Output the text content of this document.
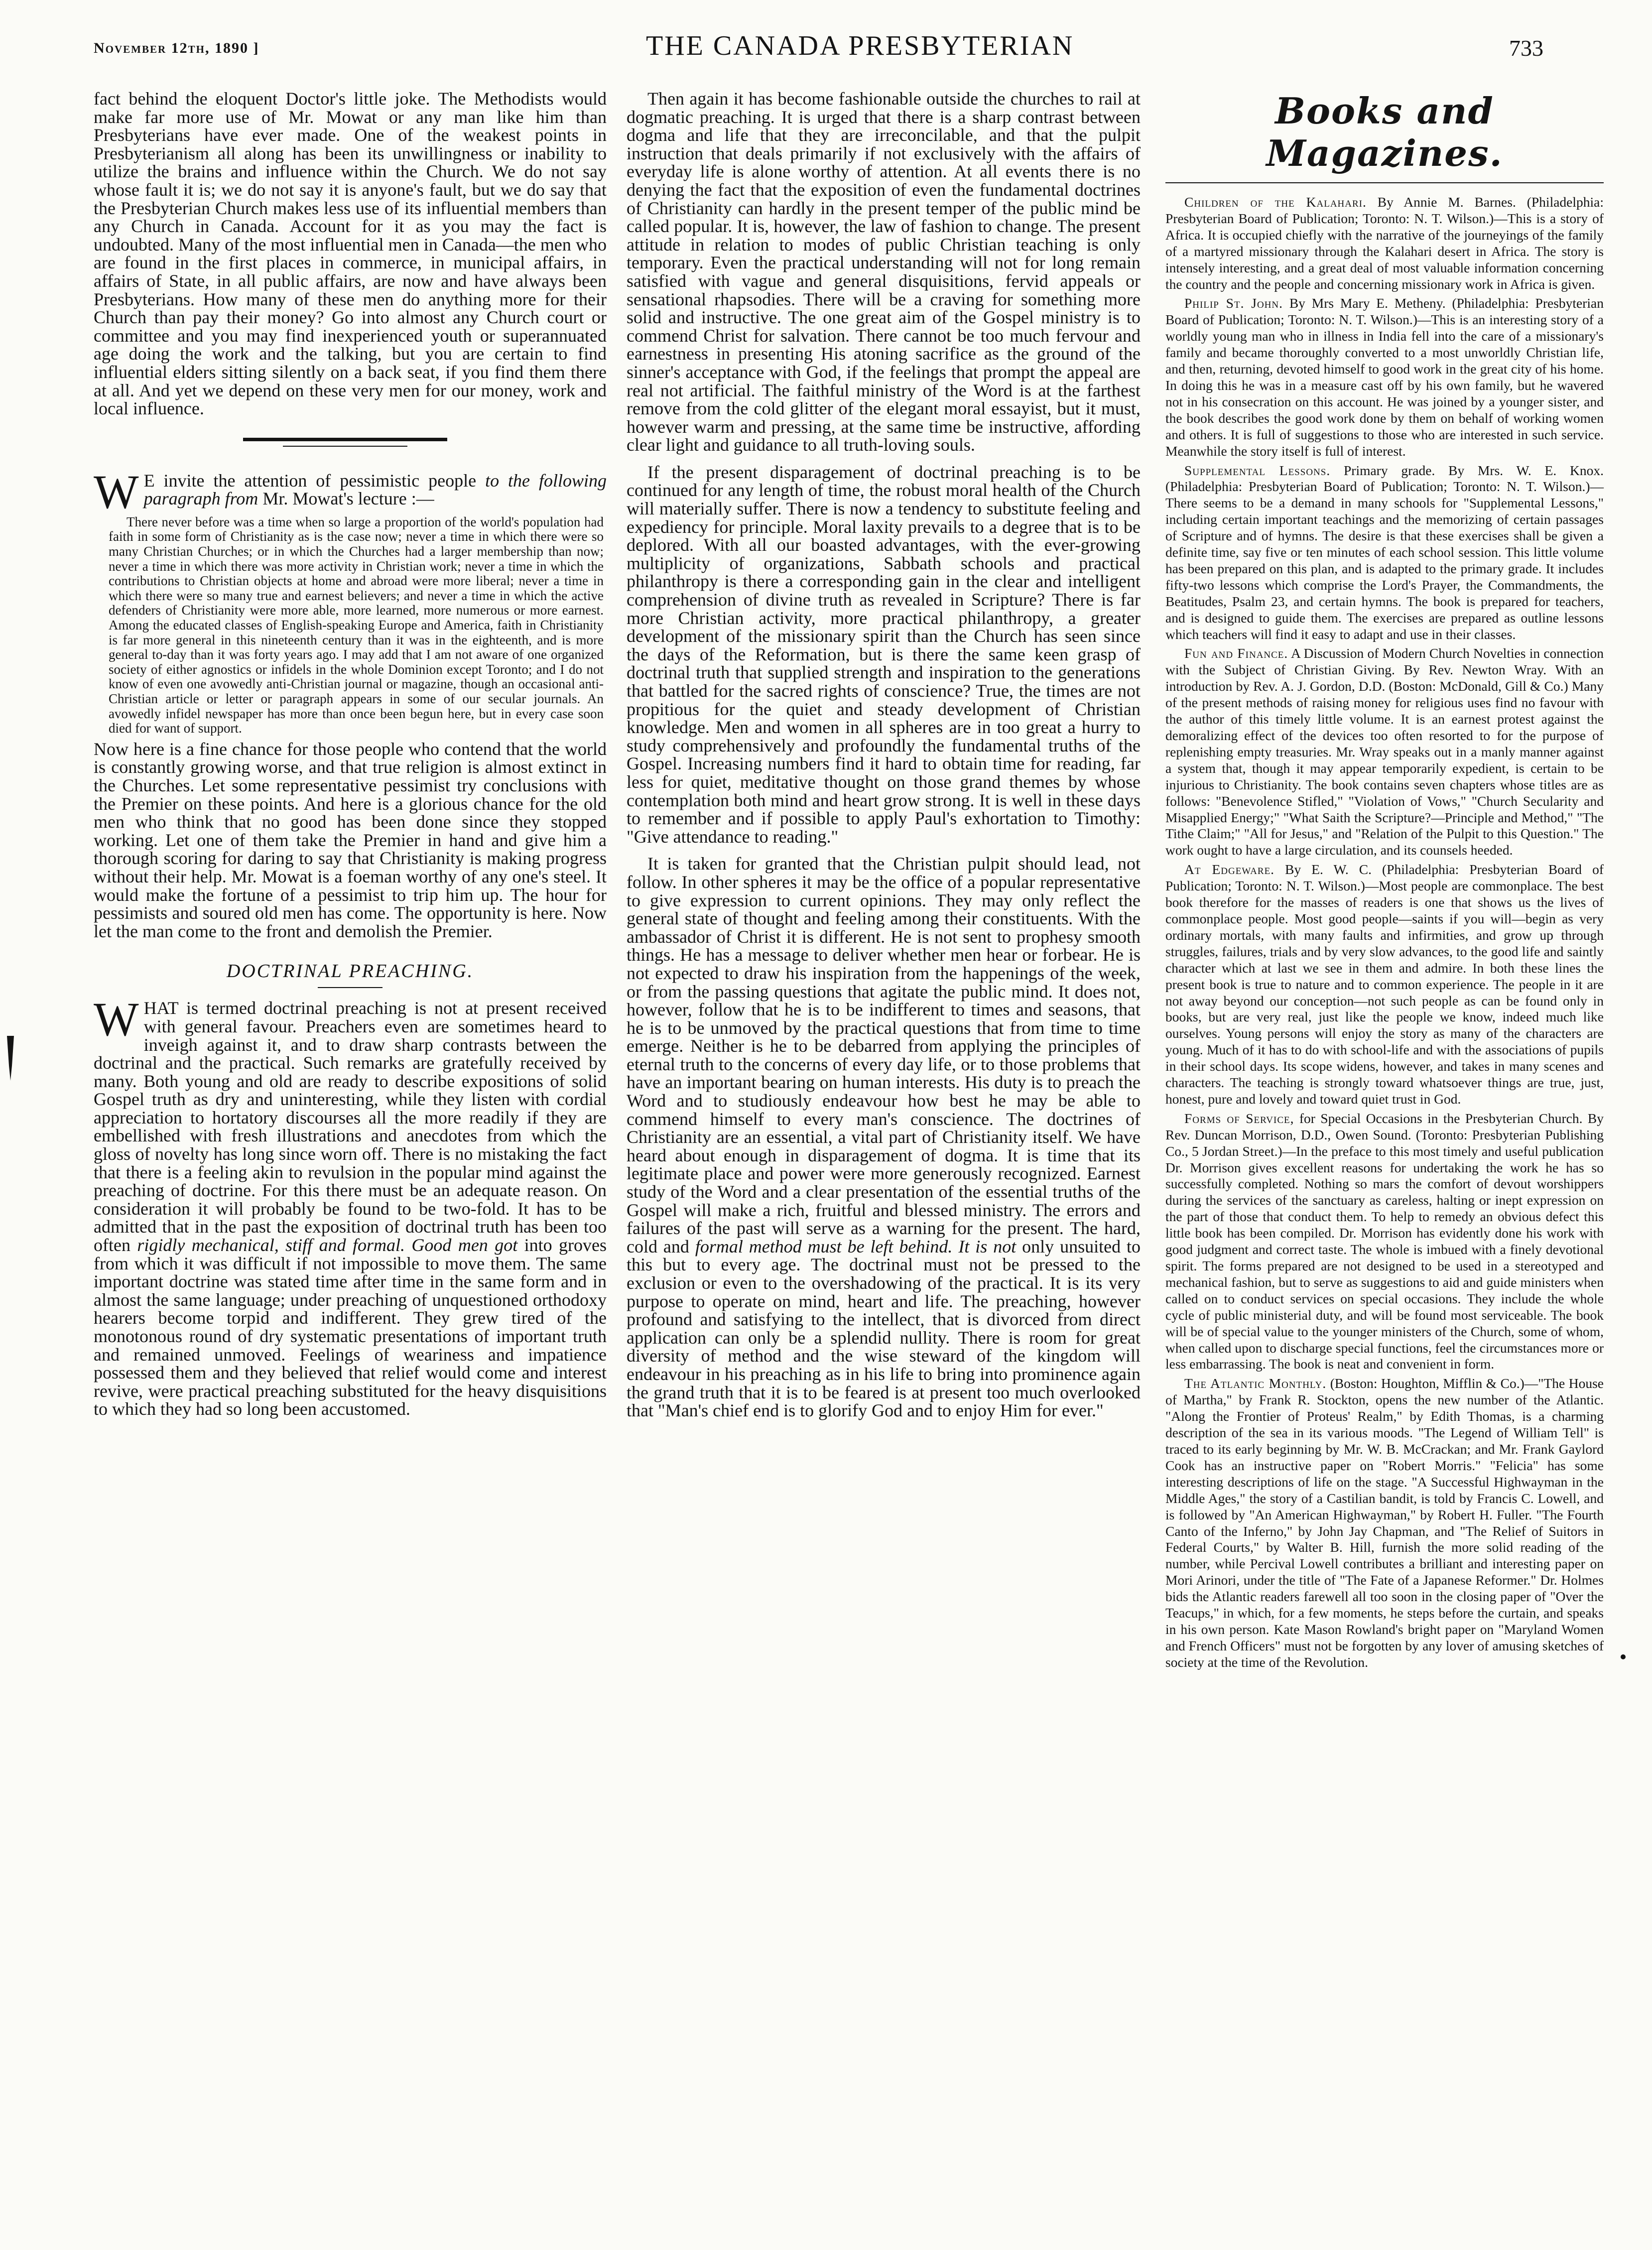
November 12th, 1890 ]	THE CANADA PRESBYTERIAN	733

fact behind the eloquent Doctor's little joke. The Methodists would make far more use of Mr. Mowat or any man like him than Presbyterians have ever made. One of the weakest points in Presbyterianism all along has been its unwillingness or inability to utilize the brains and influence within the Church. We do not say whose fault it is; we do not say it is anyone's fault, but we do say that the Presbyterian Church makes less use of its influential members than any Church in Canada. Account for it as you may the fact is undoubted. Many of the most influential men in Canada—the men who are found in the first places in commerce, in municipal affairs, in affairs of State, in all public affairs, are now and have always been Presbyterians. How many of these men do anything more for their Church than pay their money? Go into almost any Church court or committee and you may find inexperienced youth or superannuated age doing the work and the talking, but you are certain to find influential elders sitting silently on a back seat, if you find them there at all. And yet we depend on these very men for our money, work and local influence.

W E invite the attention of pessimistic people to the following paragraph from Mr. Mowat's lecture :—

There never before was a time when so large a proportion of the world's population had faith in some form of Christianity as is the case now; never a time in which there were so many Christian Churches; or in which the Churches had a larger membership than now; never a time in which there was more activity in Christian work; never a time in which the contributions to Christian objects at home and abroad were more liberal; never a time in which there were so many true and earnest believers; and never a time in which the active defenders of Christianity were more able, more learned, more numerous or more earnest. Among the educated classes of English-speaking Europe and America, faith in Christianity is far more general in this nineteenth century than it was in the eighteenth, and is more general to-day than it was forty years ago. I may add that I am not aware of one organized society of either agnostics or infidels in the whole Dominion except Toronto; and I do not know of even one avowedly anti-Christian journal or magazine, though an occasional anti-Christian article or letter or paragraph appears in some of our secular journals. An avowedly infidel newspaper has more than once been begun here, but in every case soon died for want of support.

Now here is a fine chance for those people who contend that the world is constantly growing worse, and that true religion is almost extinct in the Churches. Let some representative pessimist try conclusions with the Premier on these points. And here is a glorious chance for the old men who think that no good has been done since they stopped working. Let one of them take the Premier in hand and give him a thorough scoring for daring to say that Christianity is making progress without their help. Mr. Mowat is a foeman worthy of any one's steel. It would make the fortune of a pessimist to trip him up. The hour for pessimists and soured old men has come. The opportunity is here. Now let the man come to the front and demolish the Premier.

DOCTRINAL PREACHING.

WHAT is termed doctrinal preaching is not at present received with general favour. Preachers even are sometimes heard to inveigh against it, and to draw sharp contrasts between the doctrinal and the practical. Such remarks are gratefully received by many. Both young and old are ready to describe expositions of solid Gospel truth as dry and uninteresting, while they listen with cordial appreciation to hortatory discourses all the more readily if they are embellished with fresh illustrations and anecdotes from which the gloss of novelty has long since worn off. There is no mistaking the fact that there is a feeling akin to revulsion in the popular mind against the preaching of doctrine. For this there must be an adequate reason. On consideration it will probably be found to be two-fold. It has to be admitted that in the past the exposition of doctrinal truth has been too often rigidly mechanical, stiff and formal. Good men got into groves from which it was difficult if not impossible to move them. The same important doctrine was stated time after time in the same form and in almost the same language; under preaching of unquestioned orthodoxy hearers become torpid and indifferent. They grew tired of the monotonous round of dry systematic presentations of important truth and remained unmoved. Feelings of weariness and impatience possessed them and they believed that relief would come and interest revive, were practical preaching substituted for the heavy disquisitions to which they had so long been accustomed.

Then again it has become fashionable outside the churches to rail at dogmatic preaching. It is urged that there is a sharp contrast between dogma and life that they are irreconcilable, and that the pulpit instruction that deals primarily if not exclusively with the affairs of everyday life is alone worthy of attention. At all events there is no denying the fact that the exposition of even the fundamental doctrines of Christianity can hardly in the present temper of the public mind be called popular. It is, however, the law of fashion to change. The present attitude in relation to modes of public Christian teaching is only temporary. Even the practical understanding will not for long remain satisfied with vague and general disquisitions, fervid appeals or sensational rhapsodies. There will be a craving for something more solid and instructive. The one great aim of the Gospel ministry is to commend Christ for salvation. There cannot be too much fervour and earnestness in presenting His atoning sacrifice as the ground of the sinner's acceptance with God, if the feelings that prompt the appeal are real not artificial. The faithful ministry of the Word is at the farthest remove from the cold glitter of the elegant moral essayist, but it must, however warm and pressing, at the same time be instructive, affording clear light and guidance to all truth-loving souls.

If the present disparagement of doctrinal preaching is to be continued for any length of time, the robust moral health of the Church will materially suffer. There is now a tendency to substitute feeling and expediency for principle. Moral laxity prevails to a degree that is to be deplored. With all our boasted advantages, with the ever-growing multiplicity of organizations, Sabbath schools and practical philanthropy is there a corresponding gain in the clear and intelligent comprehension of divine truth as revealed in Scripture? There is far more Christian activity, more practical philanthropy, a greater development of the missionary spirit than the Church has seen since the days of the Reformation, but is there the same keen grasp of doctrinal truth that supplied strength and inspiration to the generations that battled for the sacred rights of conscience? True, the times are not propitious for the quiet and steady development of Christian knowledge. Men and women in all spheres are in too great a hurry to study comprehensively and profoundly the fundamental truths of the Gospel. Increasing numbers find it hard to obtain time for reading, far less for quiet, meditative thought on those grand themes by whose contemplation both mind and heart grow strong. It is well in these days to remember and if possible to apply Paul's exhortation to Timothy: "Give attendance to reading."

It is taken for granted that the Christian pulpit should lead, not follow. In other spheres it may be the office of a popular representative to give expression to current opinions. They may only reflect the general state of thought and feeling among their constituents. With the ambassador of Christ it is different. He is not sent to prophesy smooth things. He has a message to deliver whether men hear or forbear. He is not expected to draw his inspiration from the happenings of the week, or from the passing questions that agitate the public mind. It does not, however, follow that he is to be indifferent to times and seasons, that he is to be unmoved by the practical questions that from time to time emerge. Neither is he to be debarred from applying the principles of eternal truth to the concerns of every day life, or to those problems that have an important bearing on human interests. His duty is to preach the Word and to studiously endeavour how best he may be able to commend himself to every man's conscience. The doctrines of Christianity are an essential, a vital part of Christianity itself. We have heard about enough in disparagement of dogma. It is time that its legitimate place and power were more generously recognized. Earnest study of the Word and a clear presentation of the essential truths of the Gospel will make a rich, fruitful and blessed ministry. The errors and failures of the past will serve as a warning for the present. The hard, cold and formal method must be left behind. It is not only unsuited to this but to every age. The doctrinal must not be pressed to the exclusion or even to the overshadowing of the practical. It is its very purpose to operate on mind, heart and life. The preaching, however profound and satisfying to the intellect, that is divorced from direct application can only be a splendid nullity. There is room for great diversity of method and the wise steward of the kingdom will endeavour in his preaching as in his life to bring into prominence again the grand truth that it is to be feared is at present too much overlooked that "Man's chief end is to glorify God and to enjoy Him for ever."

Books and Magazines.

Children of the Kalahari. By Annie M. Barnes. (Philadelphia: Presbyterian Board of Publication; Toronto: N. T. Wilson.)—This is a story of Africa. It is occupied chiefly with the narrative of the journeyings of the family of a martyred missionary through the Kalahari desert in Africa. The story is intensely interesting, and a great deal of most valuable information concerning the country and the people and concerning missionary work in Africa is given.

Philip St. John. By Mrs Mary E. Metheny. (Philadelphia: Presbyterian Board of Publication; Toronto: N. T. Wilson.)—This is an interesting story of a worldly young man who in illness in India fell into the care of a missionary's family and became thoroughly converted to a most unworldly Christian life, and then, returning, devoted himself to good work in the great city of his home. In doing this he was in a measure cast off by his own family, but he wavered not in his consecration on this account. He was joined by a younger sister, and the book describes the good work done by them on behalf of working women and others. It is full of suggestions to those who are interested in such service. Meanwhile the story itself is full of interest.

Supplemental Lessons. Primary grade. By Mrs. W. E. Knox. (Philadelphia: Presbyterian Board of Publication; Toronto: N. T. Wilson.)—There seems to be a demand in many schools for "Supplemental Lessons," including certain important teachings and the memorizing of certain passages of Scripture and of hymns. The desire is that these exercises shall be given a definite time, say five or ten minutes of each school session. This little volume has been prepared on this plan, and is adapted to the primary grade. It includes fifty-two lessons which comprise the Lord's Prayer, the Commandments, the Beatitudes, Psalm 23, and certain hymns. The book is prepared for teachers, and is designed to guide them. The exercises are prepared as outline lessons which teachers will find it easy to adapt and use in their classes.

Fun and Finance. A Discussion of Modern Church Novelties in connection with the Subject of Christian Giving. By Rev. Newton Wray. With an introduction by Rev. A. J. Gordon, D.D. (Boston: McDonald, Gill & Co.) Many of the present methods of raising money for religious uses find no favour with the author of this timely little volume. It is an earnest protest against the demoralizing effect of the devices too often resorted to for the purpose of replenishing empty treasuries. Mr. Wray speaks out in a manly manner against a system that, though it may appear temporarily expedient, is certain to be injurious to Christianity. The book contains seven chapters whose titles are as follows: "Benevolence Stifled," "Violation of Vows," "Church Secularity and Misapplied Energy;" "What Saith the Scripture?—Principle and Method," "The Tithe Claim;" "All for Jesus," and "Relation of the Pulpit to this Question." The work ought to have a large circulation, and its counsels heeded.

At Edgeware. By E. W. C. (Philadelphia: Presbyterian Board of Publication; Toronto: N. T. Wilson.)—Most people are commonplace. The best book therefore for the masses of readers is one that shows us the lives of commonplace people. Most good people—saints if you will—begin as very ordinary mortals, with many faults and infirmities, and grow up through struggles, failures, trials and by very slow advances, to the good life and saintly character which at last we see in them and admire. In both these lines the present book is true to nature and to common experience. The people in it are not away beyond our conception—not such people as can be found only in books, but are very real, just like the people we know, indeed much like ourselves. Young persons will enjoy the story as many of the characters are young. Much of it has to do with school-life and with the associations of pupils in their school days. Its scope widens, however, and takes in many scenes and characters. The teaching is strongly toward whatsoever things are true, just, honest, pure and lovely and toward quiet trust in God.

Forms of Service, for Special Occasions in the Presbyterian Church. By Rev. Duncan Morrison, D.D., Owen Sound. (Toronto: Presbyterian Publishing Co., 5 Jordan Street.)—In the preface to this most timely and useful publication Dr. Morrison gives excellent reasons for undertaking the work he has so successfully completed. Nothing so mars the comfort of devout worshippers during the services of the sanctuary as careless, halting or inept expression on the part of those that conduct them. To help to remedy an obvious defect this little book has been compiled. Dr. Morrison has evidently done his work with good judgment and correct taste. The whole is imbued with a finely devotional spirit. The forms prepared are not designed to be used in a stereotyped and mechanical fashion, but to serve as suggestions to aid and guide ministers when called on to conduct services on special occasions. They include the whole cycle of public ministerial duty, and will be found most serviceable. The book will be of special value to the younger ministers of the Church, some of whom, when called upon to discharge special functions, feel the circumstances more or less embarrassing. The book is neat and convenient in form.

The Atlantic Monthly. (Boston: Houghton, Mifflin & Co.)—"The House of Martha," by Frank R. Stockton, opens the new number of the Atlantic. "Along the Frontier of Proteus' Realm," by Edith Thomas, is a charming description of the sea in its various moods. "The Legend of William Tell" is traced to its early beginning by Mr. W. B. McCrackan; and Mr. Frank Gaylord Cook has an instructive paper on "Robert Morris." "Felicia" has some interesting descriptions of life on the stage. "A Successful Highwayman in the Middle Ages," the story of a Castilian bandit, is told by Francis C. Lowell, and is followed by "An American Highwayman," by Robert H. Fuller. "The Fourth Canto of the Inferno," by John Jay Chapman, and "The Relief of Suitors in Federal Courts," by Walter B. Hill, furnish the more solid reading of the number, while Percival Lowell contributes a brilliant and interesting paper on Mori Arinori, under the title of "The Fate of a Japanese Reformer." Dr. Holmes bids the Atlantic readers farewell all too soon in the closing paper of "Over the Teacups," in which, for a few moments, he steps before the curtain, and speaks in his own person. Kate Mason Rowland's bright paper on "Maryland Women and French Officers" must not be forgotten by any lover of amusing sketches of society at the time of the Revolution.
